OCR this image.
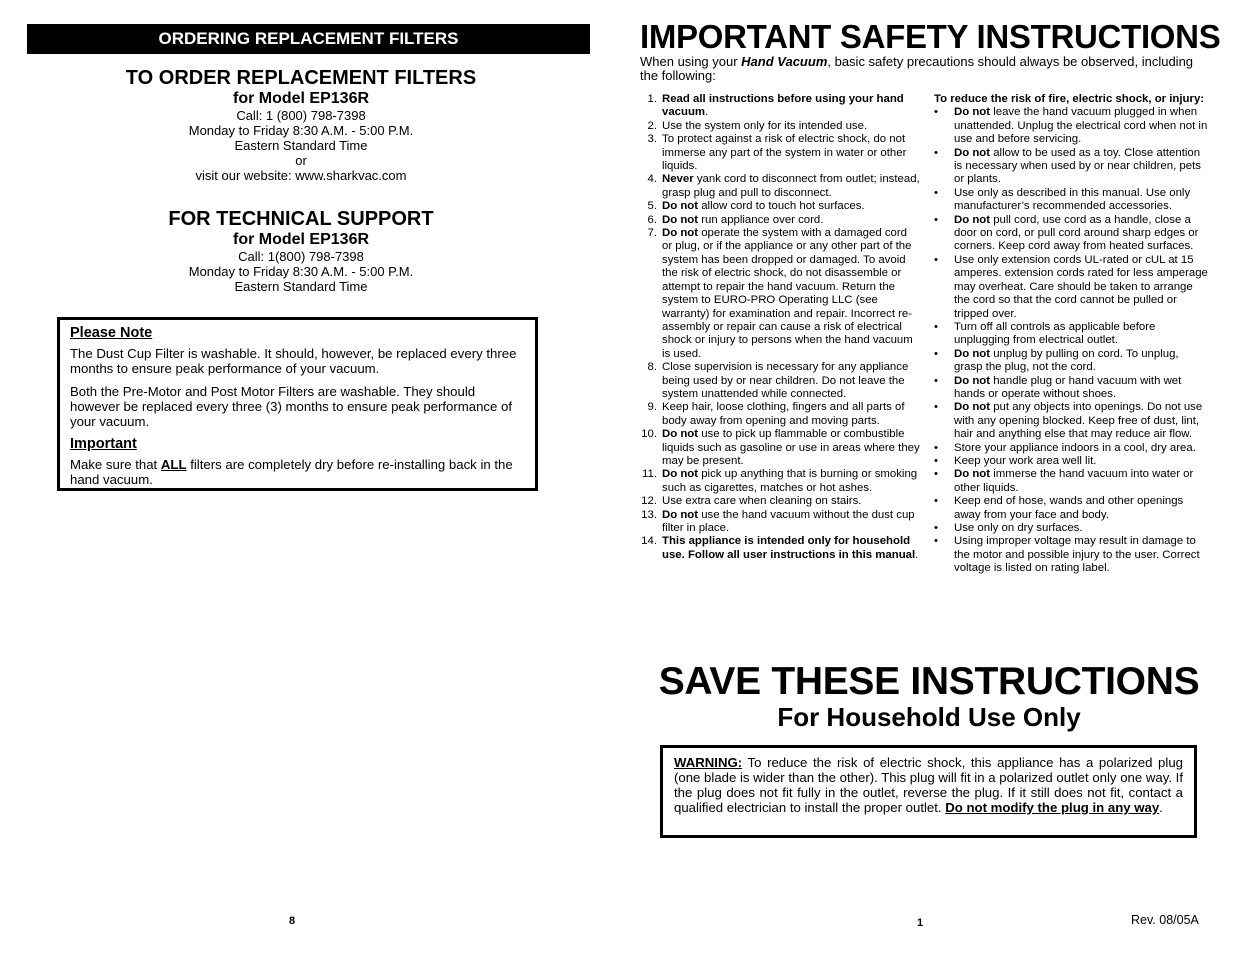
ORDERING REPLACEMENT FILTERS
TO ORDER REPLACEMENT FILTERS
for Model EP136R
Call: 1 (800) 798-7398
Monday to Friday 8:30 A.M. - 5:00 P.M.
Eastern Standard Time
or
visit our website: www.sharkvac.com
FOR TECHNICAL SUPPORT
for Model EP136R
Call: 1(800) 798-7398
Monday to Friday 8:30 A.M. - 5:00 P.M.
Eastern Standard Time
Please Note

The Dust Cup Filter is washable. It should, however, be replaced every three months to ensure peak performance of your vacuum.

Both the Pre-Motor and Post Motor Filters are washable. They should however be replaced every three (3) months to ensure peak performance of your vacuum.

Important
Make sure that ALL filters are completely dry before re-installing back in the hand vacuum.
8
IMPORTANT SAFETY INSTRUCTIONS
When using your Hand Vacuum, basic safety precautions should always be observed, including the following:
1. Read all instructions before using your hand vacuum.
2. Use the system only for its intended use.
3. To protect against a risk of electric shock, do not immerse any part of the system in water or other liquids.
4. Never yank cord to disconnect from outlet; instead, grasp plug and pull to disconnect.
5. Do not allow cord to touch hot surfaces.
6. Do not run appliance over cord.
7. Do not operate the system with a damaged cord or plug, or if the appliance or any other part of the system has been dropped or damaged. To avoid the risk of electric shock, do not disassemble or attempt to repair the hand vacuum. Return the system to EURO-PRO Operating LLC (see warranty) for examination and repair. Incorrect re-assembly or repair can cause a risk of electrical shock or injury to persons when the hand vacuum is used.
8. Close supervision is necessary for any appliance being used by or near children. Do not leave the system unattended while connected.
9. Keep hair, loose clothing, fingers and all parts of body away from opening and moving parts.
10. Do not use to pick up flammable or combustible liquids such as gasoline or use in areas where they may be present.
11. Do not pick up anything that is burning or smoking such as cigarettes, matches or hot ashes.
12. Use extra care when cleaning on stairs.
13. Do not use the hand vacuum without the dust cup filter in place.
14. This appliance is intended only for household use. Follow all user instructions in this manual.
To reduce the risk of fire, electric shock, or injury:
• Do not leave the hand vacuum plugged in when unattended. Unplug the electrical cord when not in use and before servicing.
• Do not allow to be used as a toy. Close attention is necessary when used by or near children, pets or plants.
• Use only as described in this manual. Use only manufacturer’s recommended accessories.
• Do not pull cord, use cord as a handle, close a door on cord, or pull cord around sharp edges or corners. Keep cord away from heated surfaces.
• Use only extension cords UL-rated or cUL at 15 amperes. extension cords rated for less amperage may overheat. Care should be taken to arrange the cord so that the cord cannot be pulled or tripped over.
• Turn off all controls as applicable before unplugging from electrical outlet.
• Do not unplug by pulling on cord. To unplug, grasp the plug, not the cord.
• Do not handle plug or hand vacuum with wet hands or operate without shoes.
• Do not put any objects into openings. Do not use with any opening blocked. Keep free of dust, lint, hair and anything else that may reduce air flow.
• Store your appliance indoors in a cool, dry area.
• Keep your work area well lit.
• Do not immerse the hand vacuum into water or other liquids.
• Keep end of hose, wands and other openings away from your face and body.
• Use only on dry surfaces.
• Using improper voltage may result in damage to the motor and possible injury to the user. Correct voltage is listed on rating label.
SAVE THESE INSTRUCTIONS
For Household Use Only
WARNING: To reduce the risk of electric shock, this appliance has a polarized plug (one blade is wider than the other). This plug will fit in a polarized outlet only one way. If the plug does not fit fully in the outlet, reverse the plug. If it still does not fit, contact a qualified electrician to install the proper outlet. Do not modify the plug in any way.
1	Rev. 08/05A
